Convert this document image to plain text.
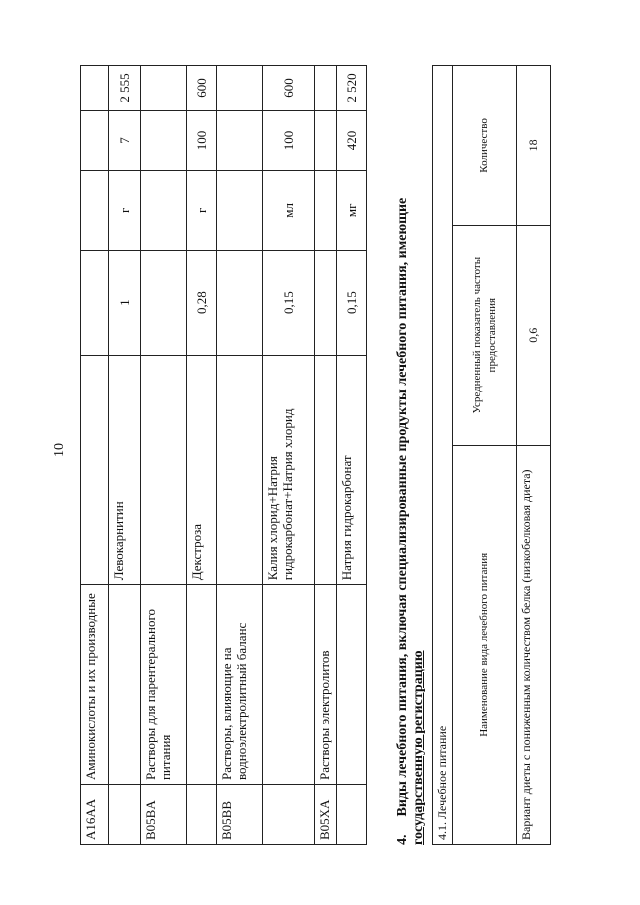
10
A16AA	Аминокислоты и их производные					
		Левокарнитин	1	г	7	2 555
B05BA	Растворы для парентерального питания					
		Декстроза	0,28	г	100	600
B05BB	Растворы, влияющие на водноэлектролитный баланс					
		Калия хлорид+Натрия гидрокарбонат+Натрия хлорид	0,15	мл	100	600
B05XA	Растворы электролитов					
		Натрия гидрокарбонат	0,15	мг	420	2 520
4.Виды лечебного питания, включая специализированные продукты лечебного питания, имеющие
государственную регистрацию 4.1. Лечебное питание		
Наименование вида лечебного питания	Усредненный показатель частоты предоставления	Количество
Вариант диеты с пониженным количеством белка (низкобелковая диета)	0,6	18
